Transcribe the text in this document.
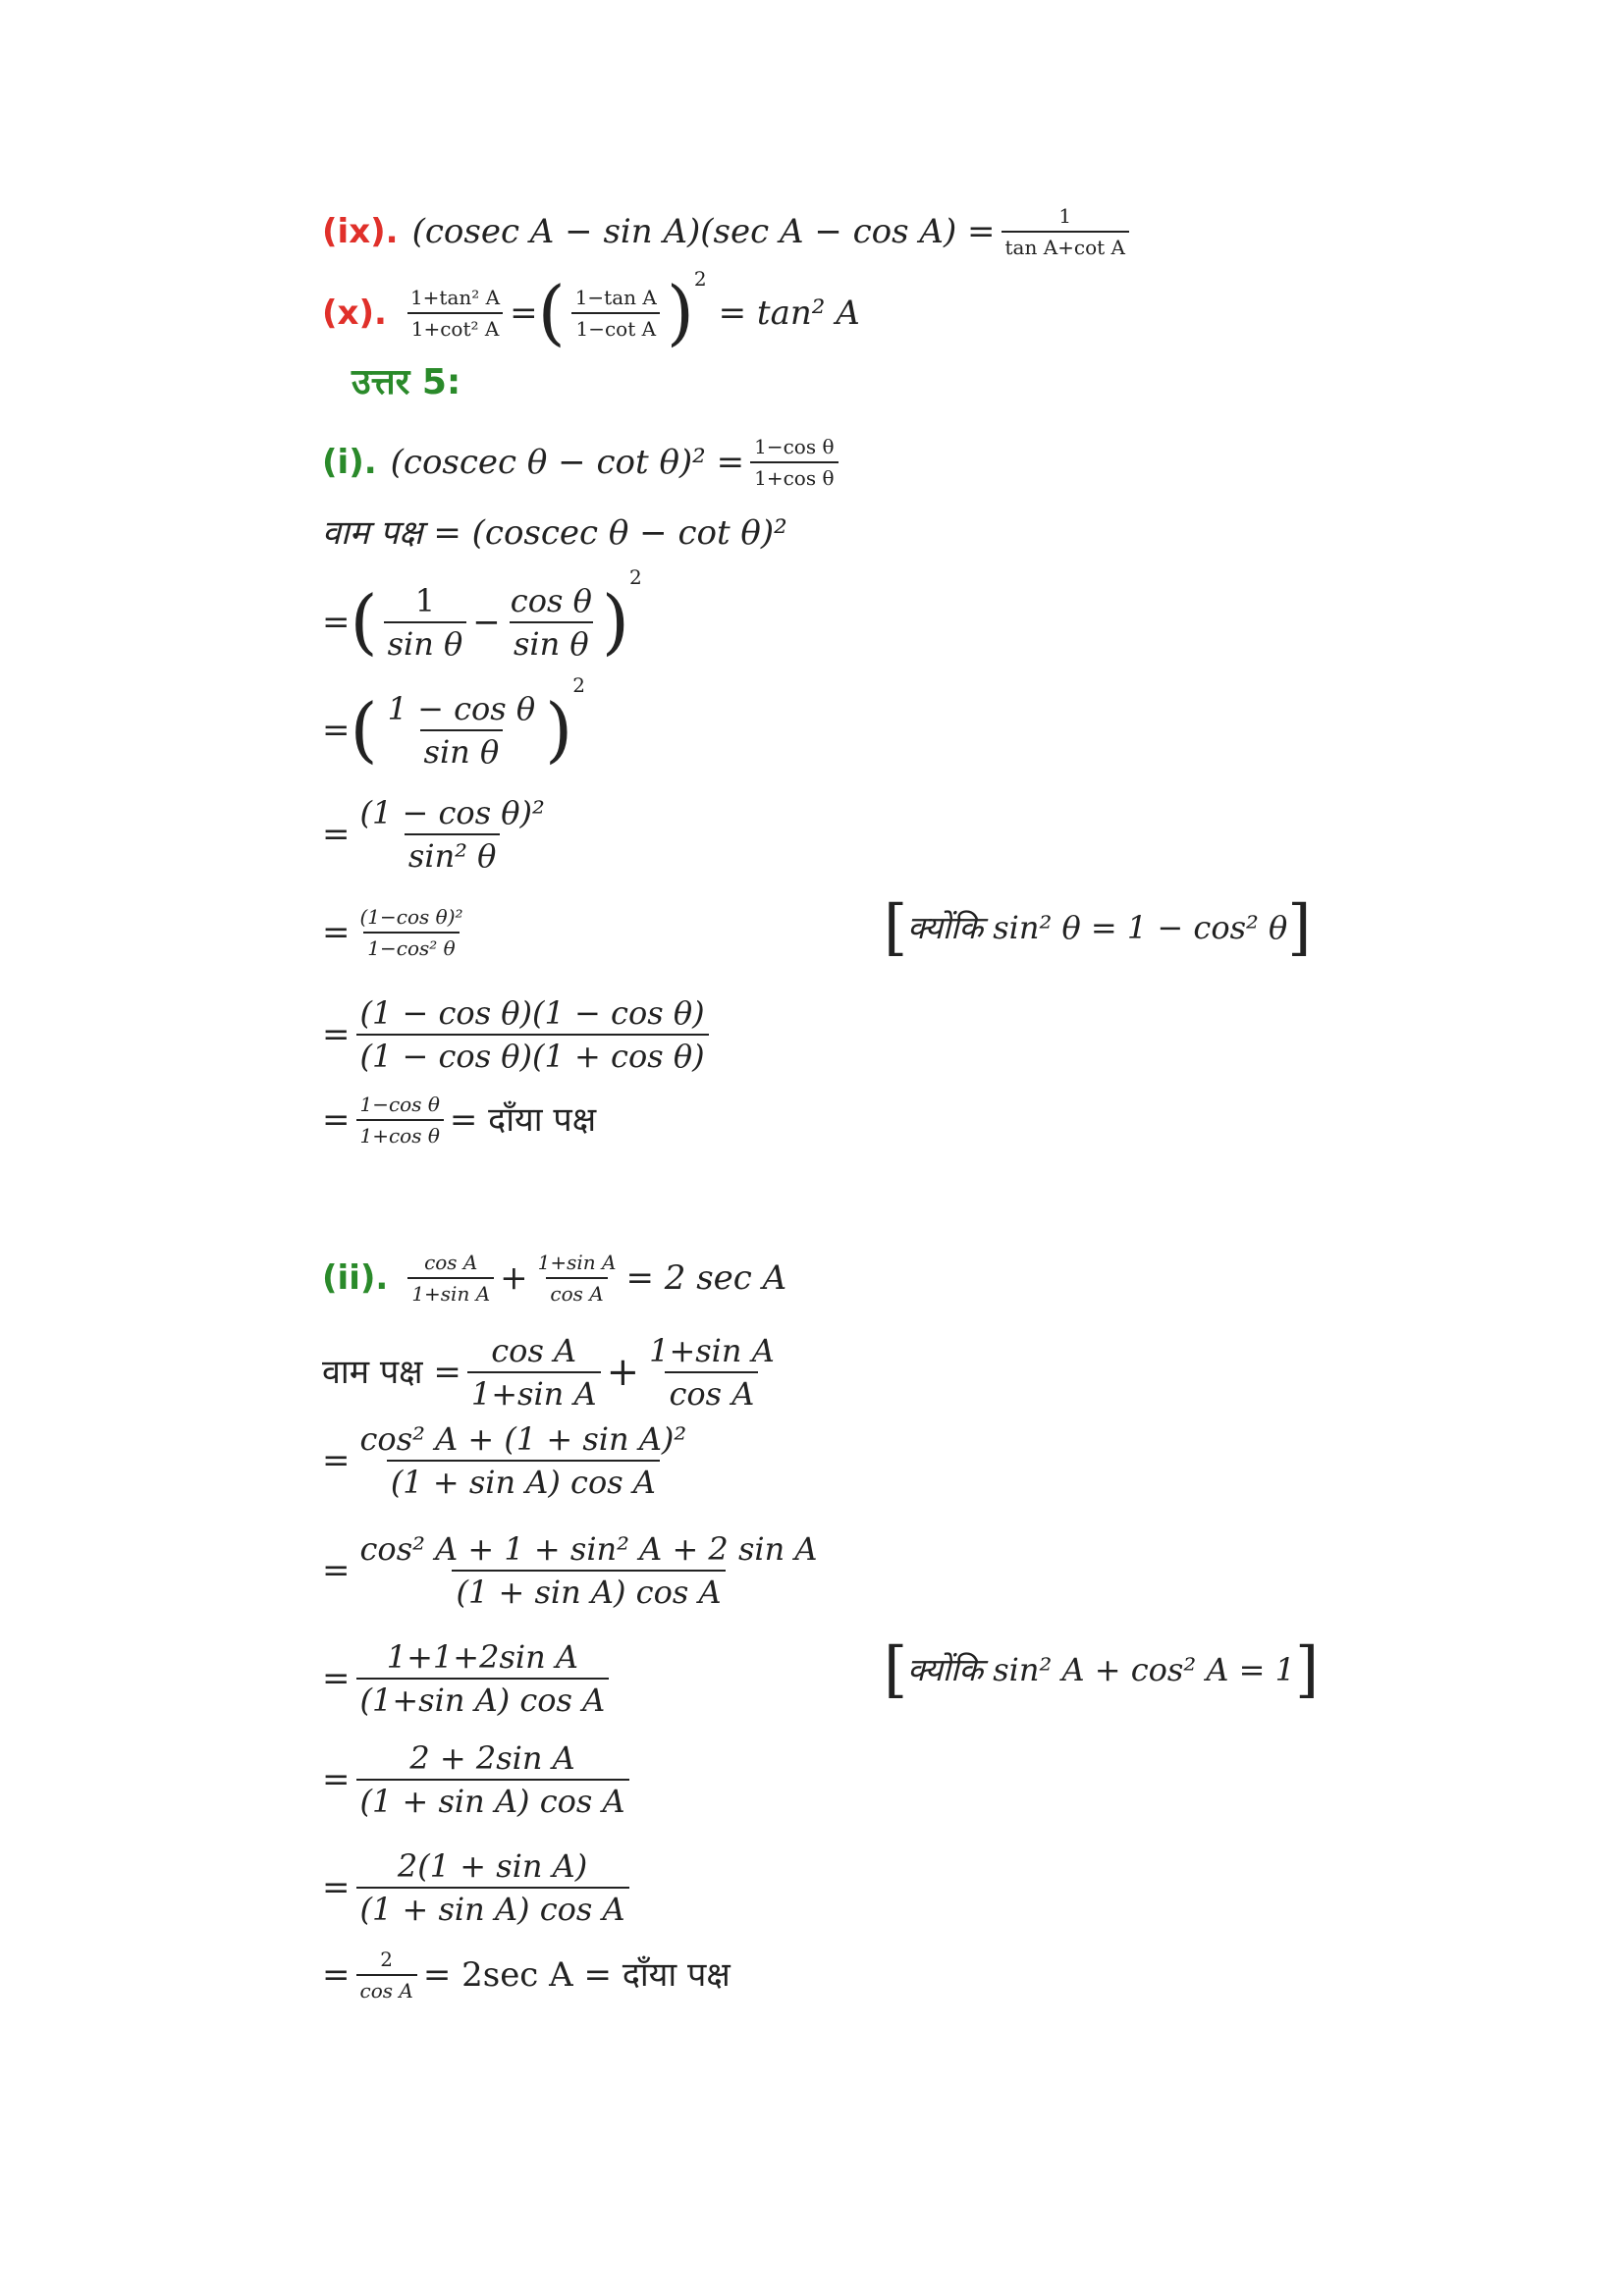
(ix). (cosec A − sin A)(sec $A - \cos A) = \frac{1}{\text{tan A+cot A}}$
(x). $\frac{\text{1+tan² A}}{\text{1+cot² A}}$ = ( $\frac{\text{1−tan A}}{\text{1−cot A}}$ ) 2
= tan² A
उत्तर 5:
(i). (coscec $\theta - \cot \theta)^2 = \frac{\text{1−cos θ}}{\text{1+cos θ}}$
वाम पक्ष = (coscec θ − cot θ)²
= ( $\frac{1}{\text{sin θ}} - \frac{\text{cos θ}}{\text{sin θ}}$ )
2
= ( $\frac{\text{1 − cos θ}}{\text{sin θ}}$ )
2
= $\frac{\text{(1 − cos θ)²}}{\text{sin² θ}}$
= $\frac{\text{(1−cos θ)²}}{\text{1−cos² θ}}$	[ क्योंकि sin² θ = 1 − cos² θ ]
= $\frac{\text{(1 − cos θ)(1 − cos θ)}}{\text{(1 − cos θ)(1 + cos θ)}}$
= $\frac{\text{1−cos θ}}{\text{1+cos θ}}$ = दाँया पक्ष
(ii). $\frac{\text{cos A}}{\text{1+sin A}} + \frac{\text{1+sin A}}{\text{cos A}} = 2$ sec A
वाम पक्ष = $\frac{\text{cos A}}{\text{1+sin A}} + \frac{\text{1+sin A}}{\text{cos A}}$
= $\frac{\text{cos² A + (1 + sin A)²}}{\text{(1 + sin A) cos A}}$
= $\frac{\text{cos² A + 1 + sin² A + 2 sin A}}{\text{(1 + sin A) cos A}}$
= $\frac{\text{1+1+2sin A}}{\text{(1+sin A) cos A}}$	[ क्योंकि sin² A + cos² A = 1 ]
= $\frac{\text{2 + 2sin A}}{\text{(1 + sin A) cos A}}$
= $\frac{\text{2(1 + sin A)}}{\text{(1 + sin A) cos A}}$
= $\frac{2}{\text{cos A}} = 2\sec$ A = दाँया पक्ष
